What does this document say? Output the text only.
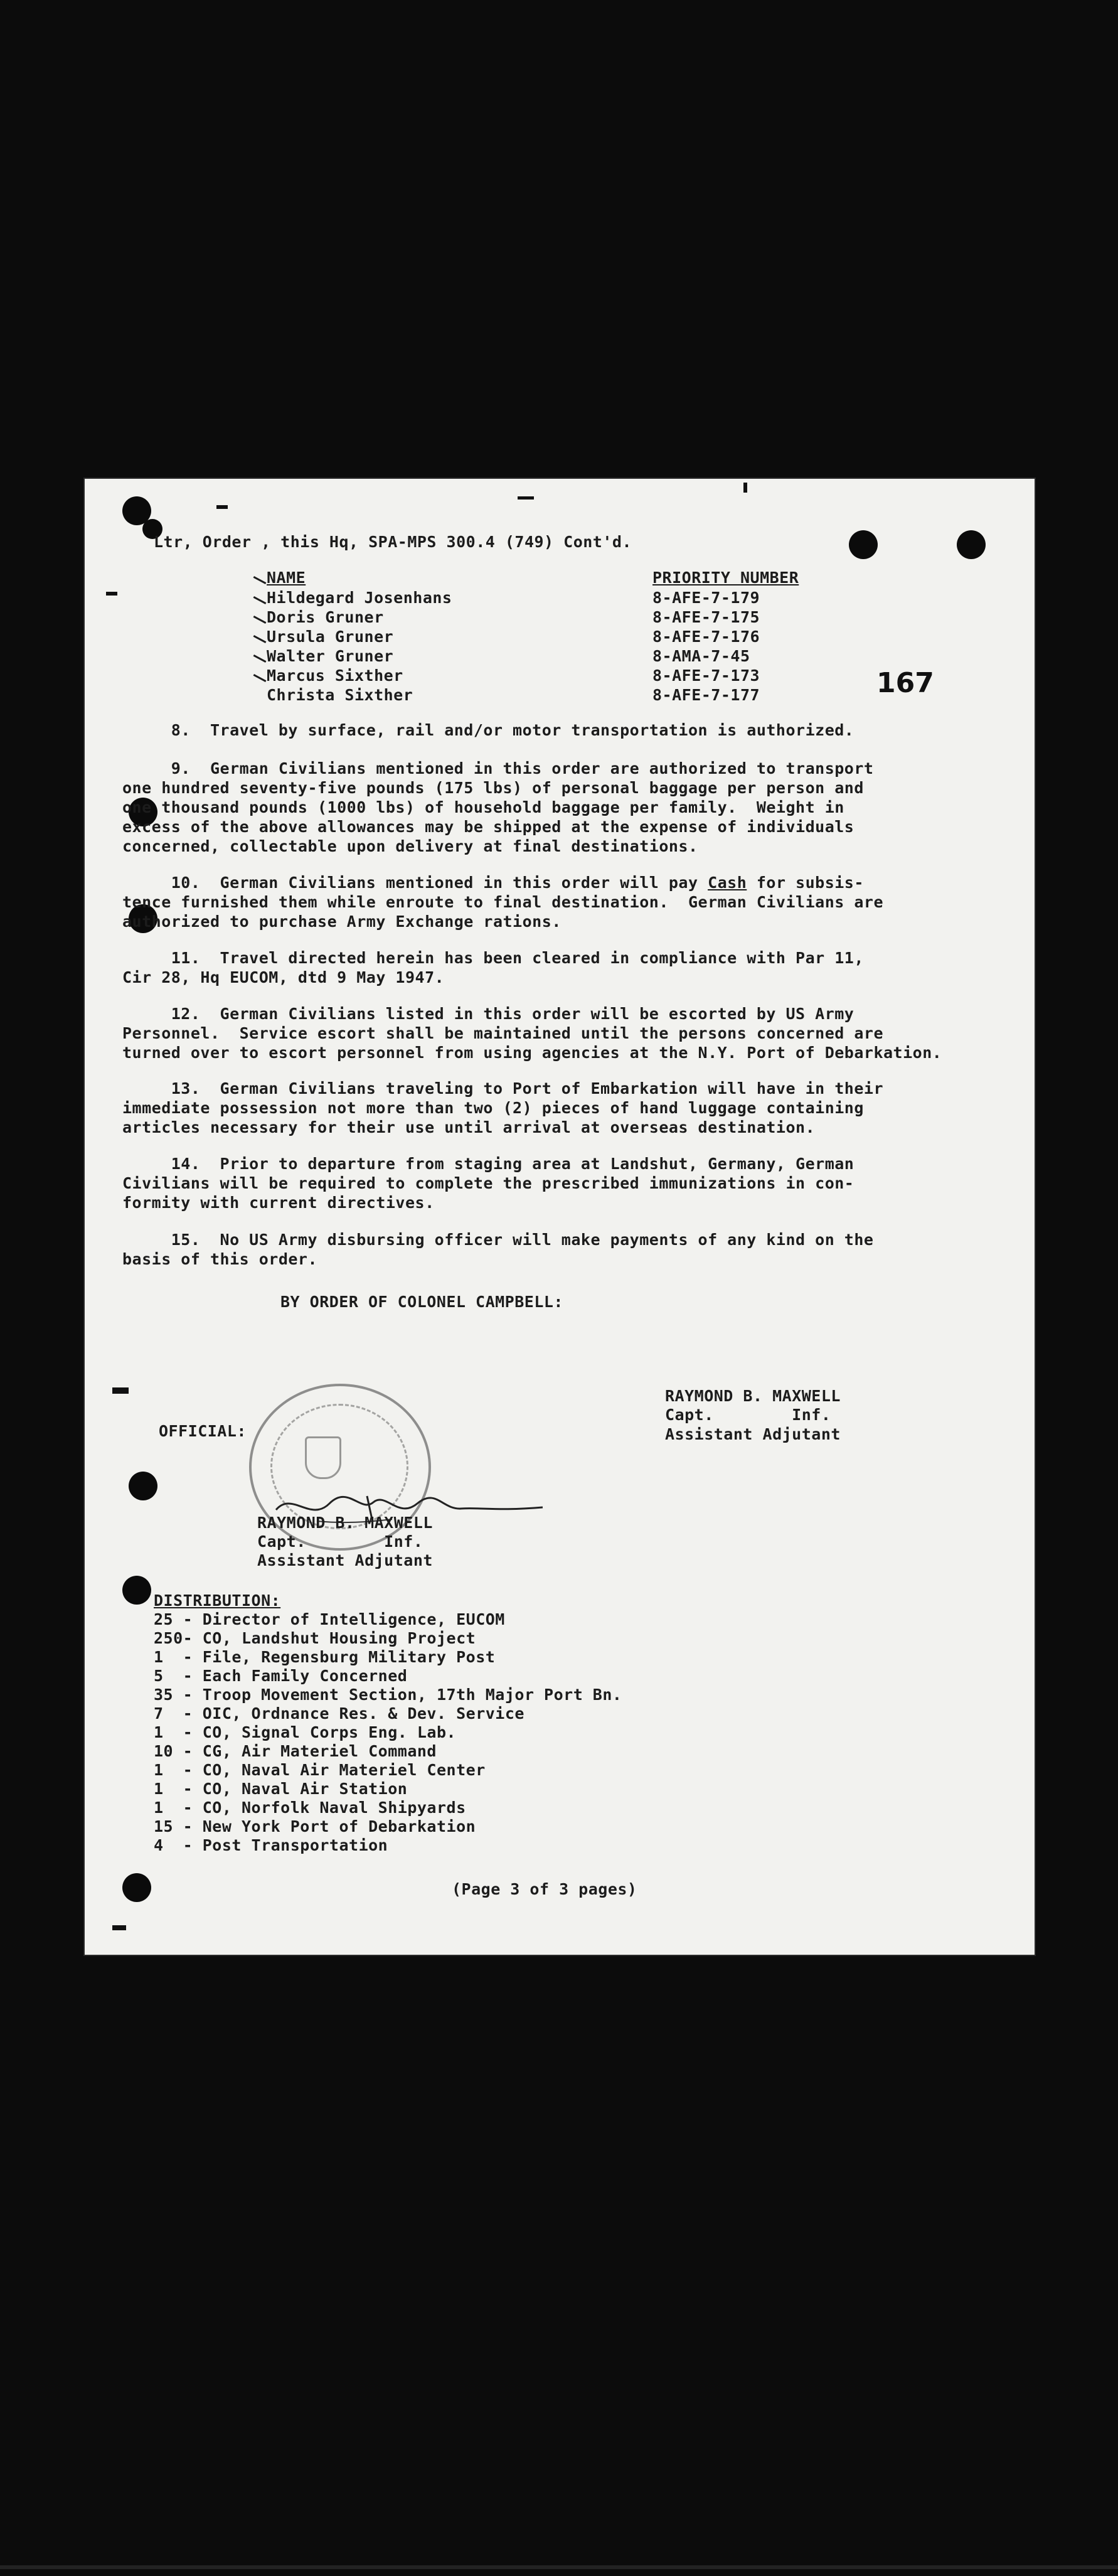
Ltr, Order , this Hq, SPA-MPS 300.4 (749) Cont'd.
NAME	PRIORITY NUMBER
Hildegard Josenhans	8-AFE-7-179
Doris Gruner	8-AFE-7-175
Ursula Gruner	8-AFE-7-176
Walter Gruner	8-AMA-7-45
Marcus Sixther	8-AFE-7-173
Christa Sixther	8-AFE-7-177	167
8.  Travel by surface, rail and/or motor transportation is authorized.
9.  German Civilians mentioned in this order are authorized to transport
one hundred seventy-five pounds (175 lbs) of personal baggage per person and
one thousand pounds (1000 lbs) of household baggage per family.  Weight in
excess of the above allowances may be shipped at the expense of individuals
concerned, collectable upon delivery at final destinations.
10.  German Civilians mentioned in this order will pay Cash for subsis-
tence furnished them while enroute to final destination.  German Civilians are
authorized to purchase Army Exchange rations.
11.  Travel directed herein has been cleared in compliance with Par 11,
Cir 28, Hq EUCOM, dtd 9 May 1947.
12.  German Civilians listed in this order will be escorted by US Army
Personnel.  Service escort shall be maintained until the persons concerned are
turned over to escort personnel from using agencies at the N.Y. Port of Debarkation.
13.  German Civilians traveling to Port of Embarkation will have in their
immediate possession not more than two (2) pieces of hand luggage containing
articles necessary for their use until arrival at overseas destination.
14.  Prior to departure from staging area at Landshut, Germany, German
Civilians will be required to complete the prescribed immunizations in con-
formity with current directives.
15.  No US Army disbursing officer will make payments of any kind on the
basis of this order.
BY ORDER OF COLONEL CAMPBELL:
RAYMOND B. MAXWELL
Capt.        Inf.
Assistant Adjutant
OFFICIAL:
RAYMOND B. MAXWELL
Capt.        Inf.
Assistant Adjutant
DISTRIBUTION:
25 - Director of Intelligence, EUCOM
250- CO, Landshut Housing Project
1  - File, Regensburg Military Post
5  - Each Family Concerned
35 - Troop Movement Section, 17th Major Port Bn.
7  - OIC, Ordnance Res. & Dev. Service
1  - CO, Signal Corps Eng. Lab.
10 - CG, Air Materiel Command
1  - CO, Naval Air Materiel Center
1  - CO, Naval Air Station
1  - CO, Norfolk Naval Shipyards
15 - New York Port of Debarkation
4  - Post Transportation
(Page 3 of 3 pages)
